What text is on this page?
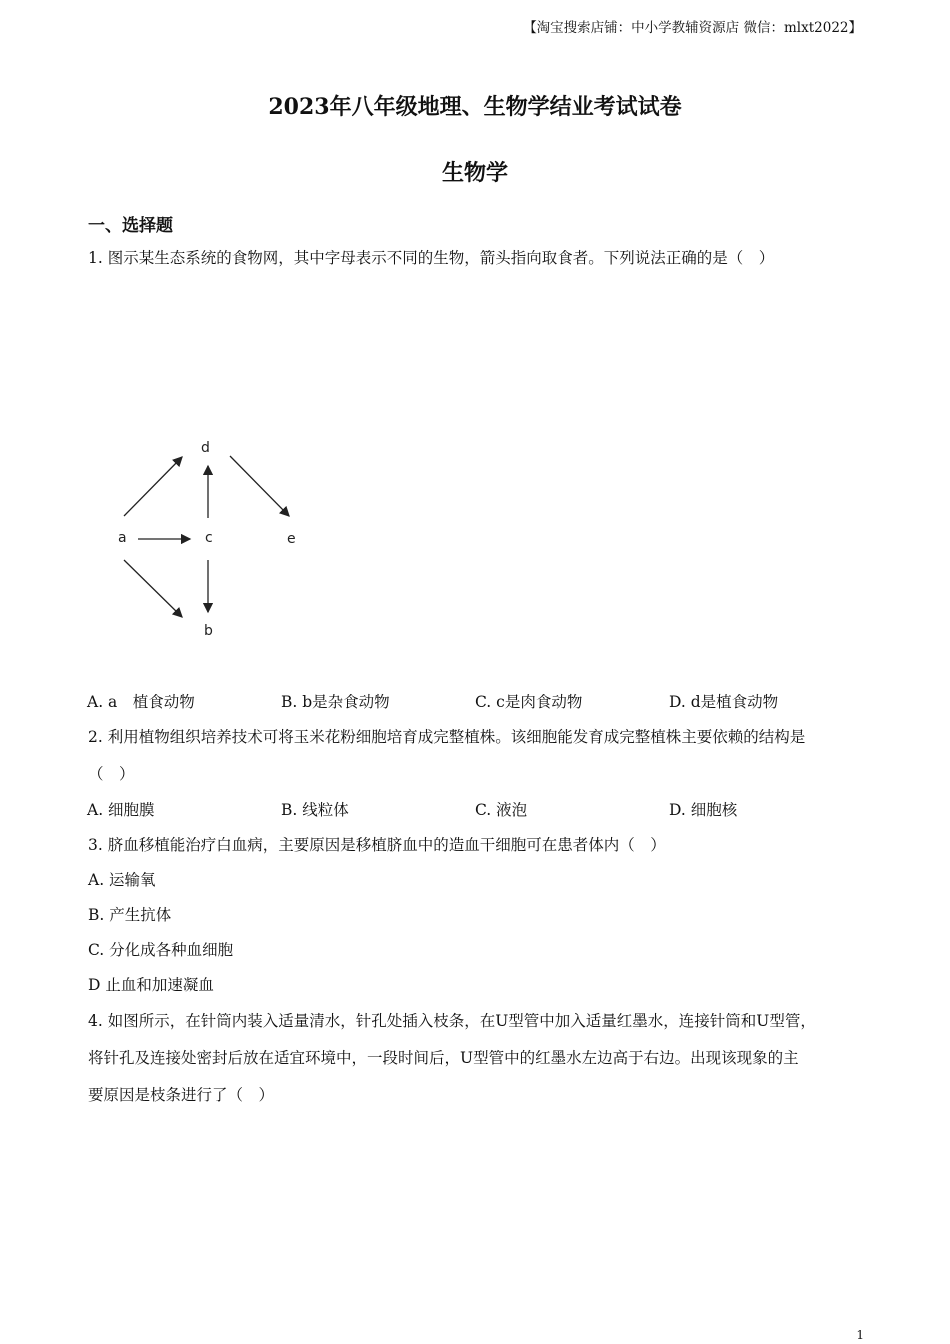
【淘宝搜索店铺：中小学教辅资源店 微信：mlxt2022】
2023年八年级地理、生物学结业考试试卷
生物学
一、选择题
1. 图示某生态系统的食物网，其中字母表示不同的生物，箭头指向取食者。下列说法正确的是（　）
d
a	c	e
b
A. a　植食动物	B. b是杂食动物	C. c是肉食动物	D. d是植食动物
2. 利用植物组织培养技术可将玉米花粉细胞培育成完整植株。该细胞能发育成完整植株主要依赖的结构是
（　）
A. 细胞膜	B. 线粒体	C. 液泡	D. 细胞核
3. 脐血移植能治疗白血病，主要原因是移植脐血中的造血干细胞可在患者体内（　）
A. 运输氧
B. 产生抗体
C. 分化成各种血细胞
D 止血和加速凝血
4. 如图所示，在针筒内装入适量清水，针孔处插入枝条，在U型管中加入适量红墨水，连接针筒和U型管，
将针孔及连接处密封后放在适宜环境中，一段时间后，U型管中的红墨水左边高于右边。出现该现象的主
要原因是枝条进行了（　）
1
